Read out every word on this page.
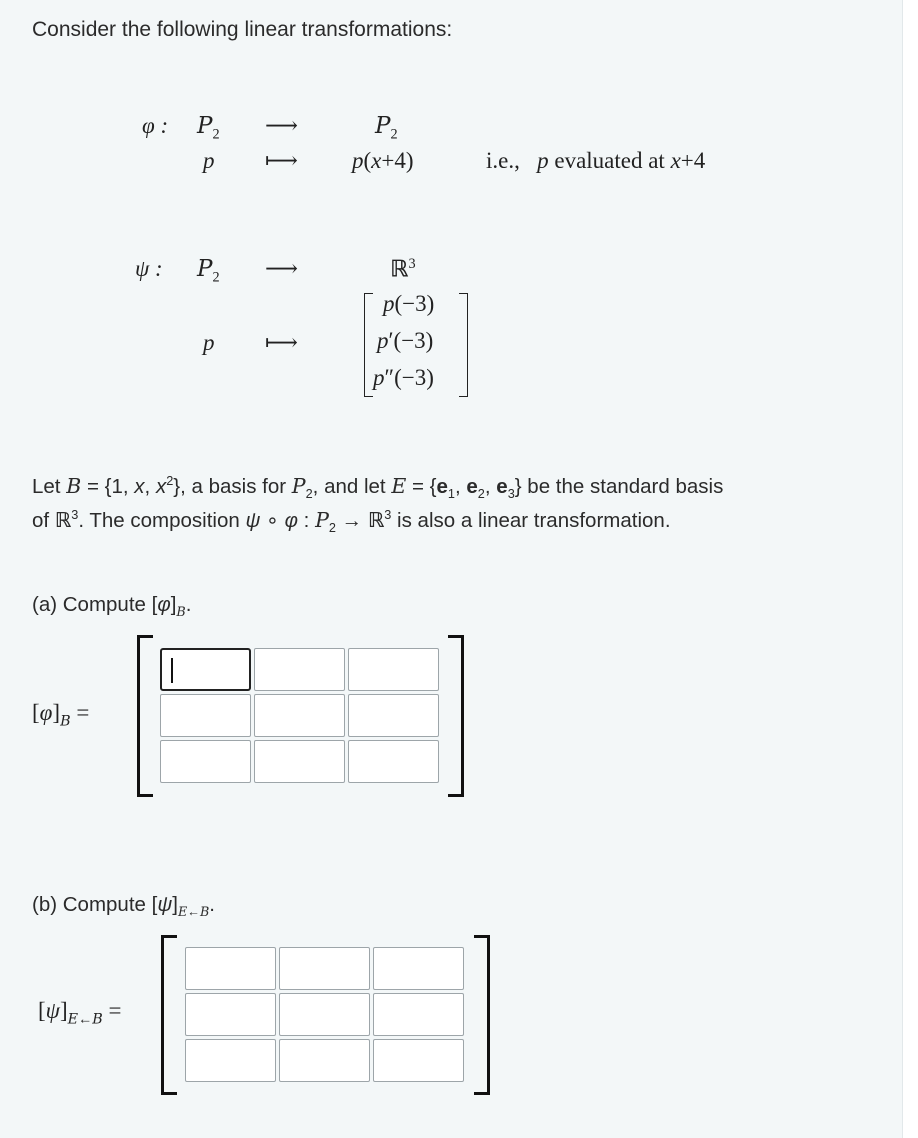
Consider the following linear transformations:
φ : $P_2$ ⟶	$P_2$
p ⟼ p(x+4)	i.e.,   p evaluated at x+4
ψ : $P_2$ ⟶	ℝ$^3$
p ⟼
p(−3)
p′(−3)
p″(−3)
Let B = {1, x, $x^2$}, a basis for $P_2$, and let $E = \{e_1$, $e_2$, $e_3$} be the standard basis
of ℝ$^3$. The composition ψ ∘ φ : $P_2$ → ℝ$^3$ is also a linear transformation.
(a) Compute $[\varphi]_B$.
$[\varphi]_B$ =
(b) Compute $[\psi]_{E\leftarrow B}$.
$[\psi]_{E\leftarrow B}$ =
